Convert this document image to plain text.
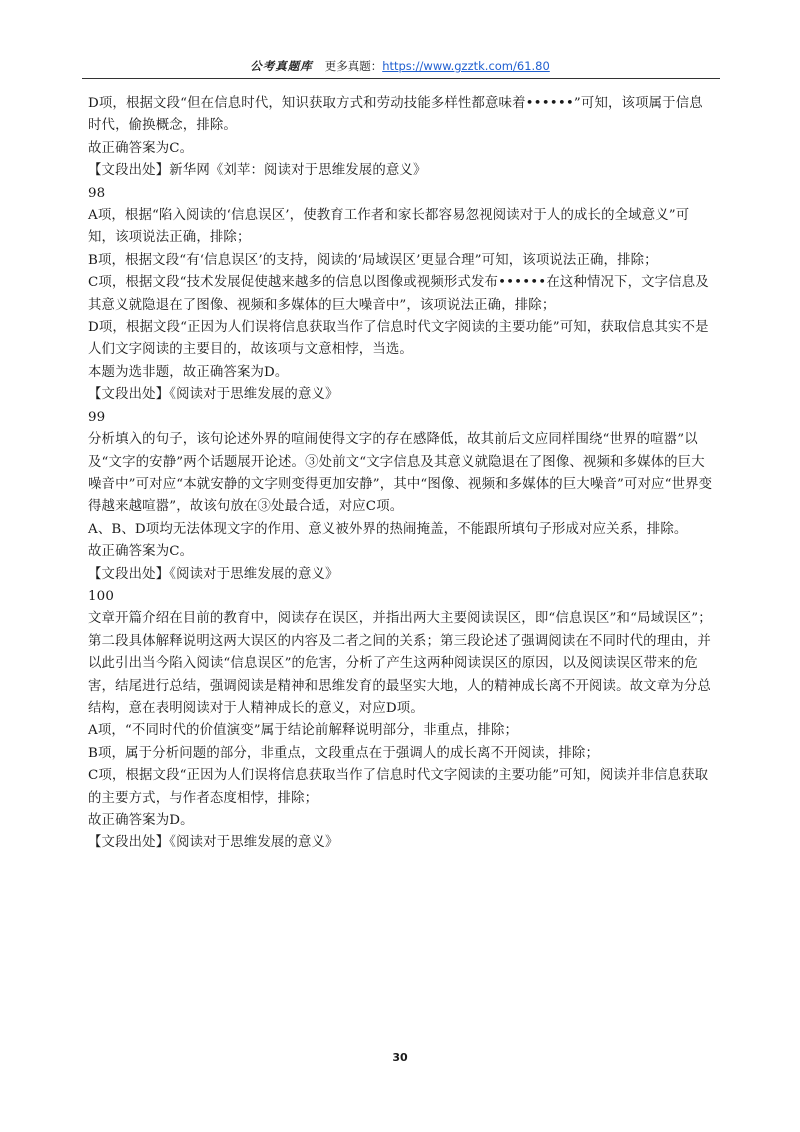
公考真题库 更多真题：https://www.gzztk.com/61.80

D项，根据文段“但在信息时代，知识获取方式和劳动技能多样性都意味着••••••”可知，该项属于信息时代，偷换概念，排除。

故正确答案为C。

【文段出处】新华网《刘苹：阅读对于思维发展的意义》

98

A项，根据“陷入阅读的‘信息误区’，使教育工作者和家长都容易忽视阅读对于人的成长的全域意义”可知，该项说法正确，排除；

B项，根据文段“有‘信息误区’的支持，阅读的‘局域误区’更显合理”可知，该项说法正确，排除；

C项，根据文段“技术发展促使越来越多的信息以图像或视频形式发布••••••在这种情况下，文字信息及其意义就隐退在了图像、视频和多媒体的巨大噪音中”，该项说法正确，排除；

D项，根据文段“正因为人们误将信息获取当作了信息时代文字阅读的主要功能”可知，获取信息其实不是人们文字阅读的主要目的，故该项与文意相悖，当选。

本题为选非题，故正确答案为D。

【文段出处】《阅读对于思维发展的意义》

99

分析填入的句子，该句论述外界的喧闹使得文字的存在感降低，故其前后文应同样围绕“世界的喧嚣”以及“文字的安静”两个话题展开论述。③处前文“文字信息及其意义就隐退在了图像、视频和多媒体的巨大噪音中”可对应“本就安静的文字则变得更加安静”，其中“图像、视频和多媒体的巨大噪音”可对应“世界变得越来越喧嚣”，故该句放在③处最合适，对应C项。

A、B、D项均无法体现文字的作用、意义被外界的热闹掩盖，不能跟所填句子形成对应关系，排除。

故正确答案为C。

【文段出处】《阅读对于思维发展的意义》

100

文章开篇介绍在目前的教育中，阅读存在误区，并指出两大主要阅读误区，即“信息误区”和“局域误区”；第二段具体解释说明这两大误区的内容及二者之间的关系；第三段论述了强调阅读在不同时代的理由，并以此引出当今陷入阅读“信息误区”的危害，分析了产生这两种阅读误区的原因，以及阅读误区带来的危害，结尾进行总结，强调阅读是精神和思维发育的最坚实大地，人的精神成长离不开阅读。故文章为分总结构，意在表明阅读对于人精神成长的意义，对应D项。

A项，“不同时代的价值演变”属于结论前解释说明部分，非重点，排除；

B项，属于分析问题的部分，非重点，文段重点在于强调人的成长离不开阅读，排除；

C项，根据文段“正因为人们误将信息获取当作了信息时代文字阅读的主要功能”可知，阅读并非信息获取的主要方式，与作者态度相悖，排除；

故正确答案为D。

【文段出处】《阅读对于思维发展的意义》

30
